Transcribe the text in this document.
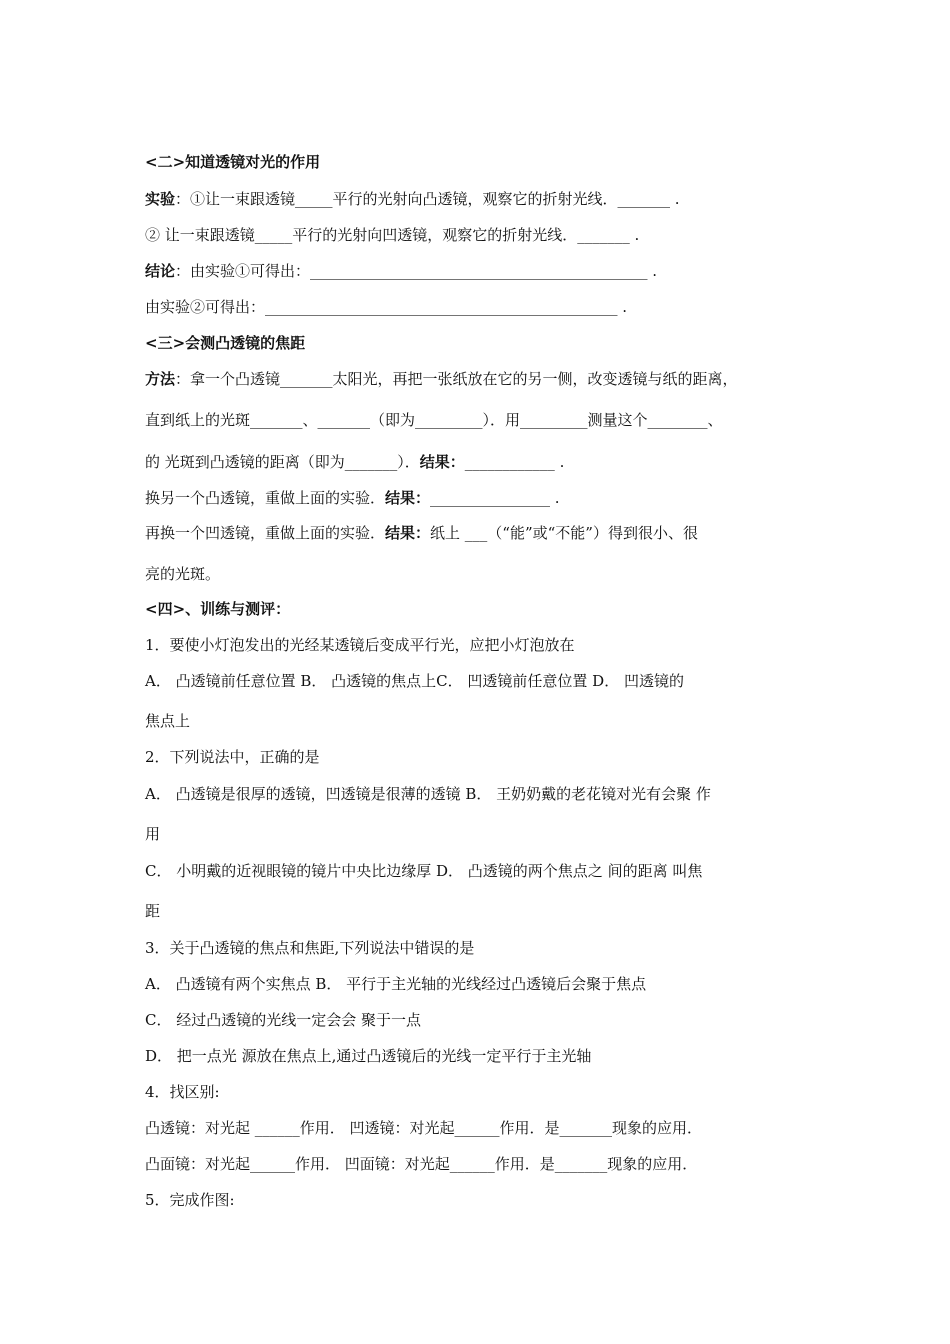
<二>知道透镜对光的作用
实验：①让一束跟透镜_____平行的光射向凸透镜，观察它的折射光线．_______ .
② 让一束跟透镜_____平行的光射向凹透镜，观察它的折射光线．_______ .
结论：由实验①可得出：_____________________________________________ .
由实验②可得出：_______________________________________________ .
<三>会测凸透镜的焦距
方法：拿一个凸透镜_______太阳光，再把一张纸放在它的另一侧，改变透镜与纸的距离，
直到纸上的光斑_______、_______（即为_________）．用_________测量这个________、
的 光斑到凸透镜的距离（即为_______）．结果：____________ .
换另一个凸透镜，重做上面的实验．结果：________________ .
再换一个凹透镜，重做上面的实验．结果：纸上 ___（“能”或“不能”）得到很小、很
亮的光斑。
<四>、训练与测评：
1．要使小灯泡发出的光经某透镜后变成平行光，应把小灯泡放在
A． 凸透镜前任意位置 B． 凸透镜的焦点上C． 凹透镜前任意位置 D． 凹透镜的
焦点上
2．下列说法中，正确的是
A． 凸透镜是很厚的透镜，凹透镜是很薄的透镜 B． 王奶奶戴的老花镜对光有会聚 作
用
C． 小明戴的近视眼镜的镜片中央比边缘厚 D． 凸透镜的两个焦点之 间的距离 叫焦
距
3．关于凸透镜的焦点和焦距,下列说法中错误的是
A． 凸透镜有两个实焦点 B． 平行于主光轴的光线经过凸透镜后会聚于焦点
C． 经过凸透镜的光线一定会会 聚于一点
D． 把一点光 源放在焦点上,通过凸透镜后的光线一定平行于主光轴
4．找区别:
凸透镜：对光起 ______作用． 凹透镜：对光起______作用．是_______现象的应用．
凸面镜：对光起______作用． 凹面镜：对光起______作用．是_______现象的应用．
5．完成作图:
